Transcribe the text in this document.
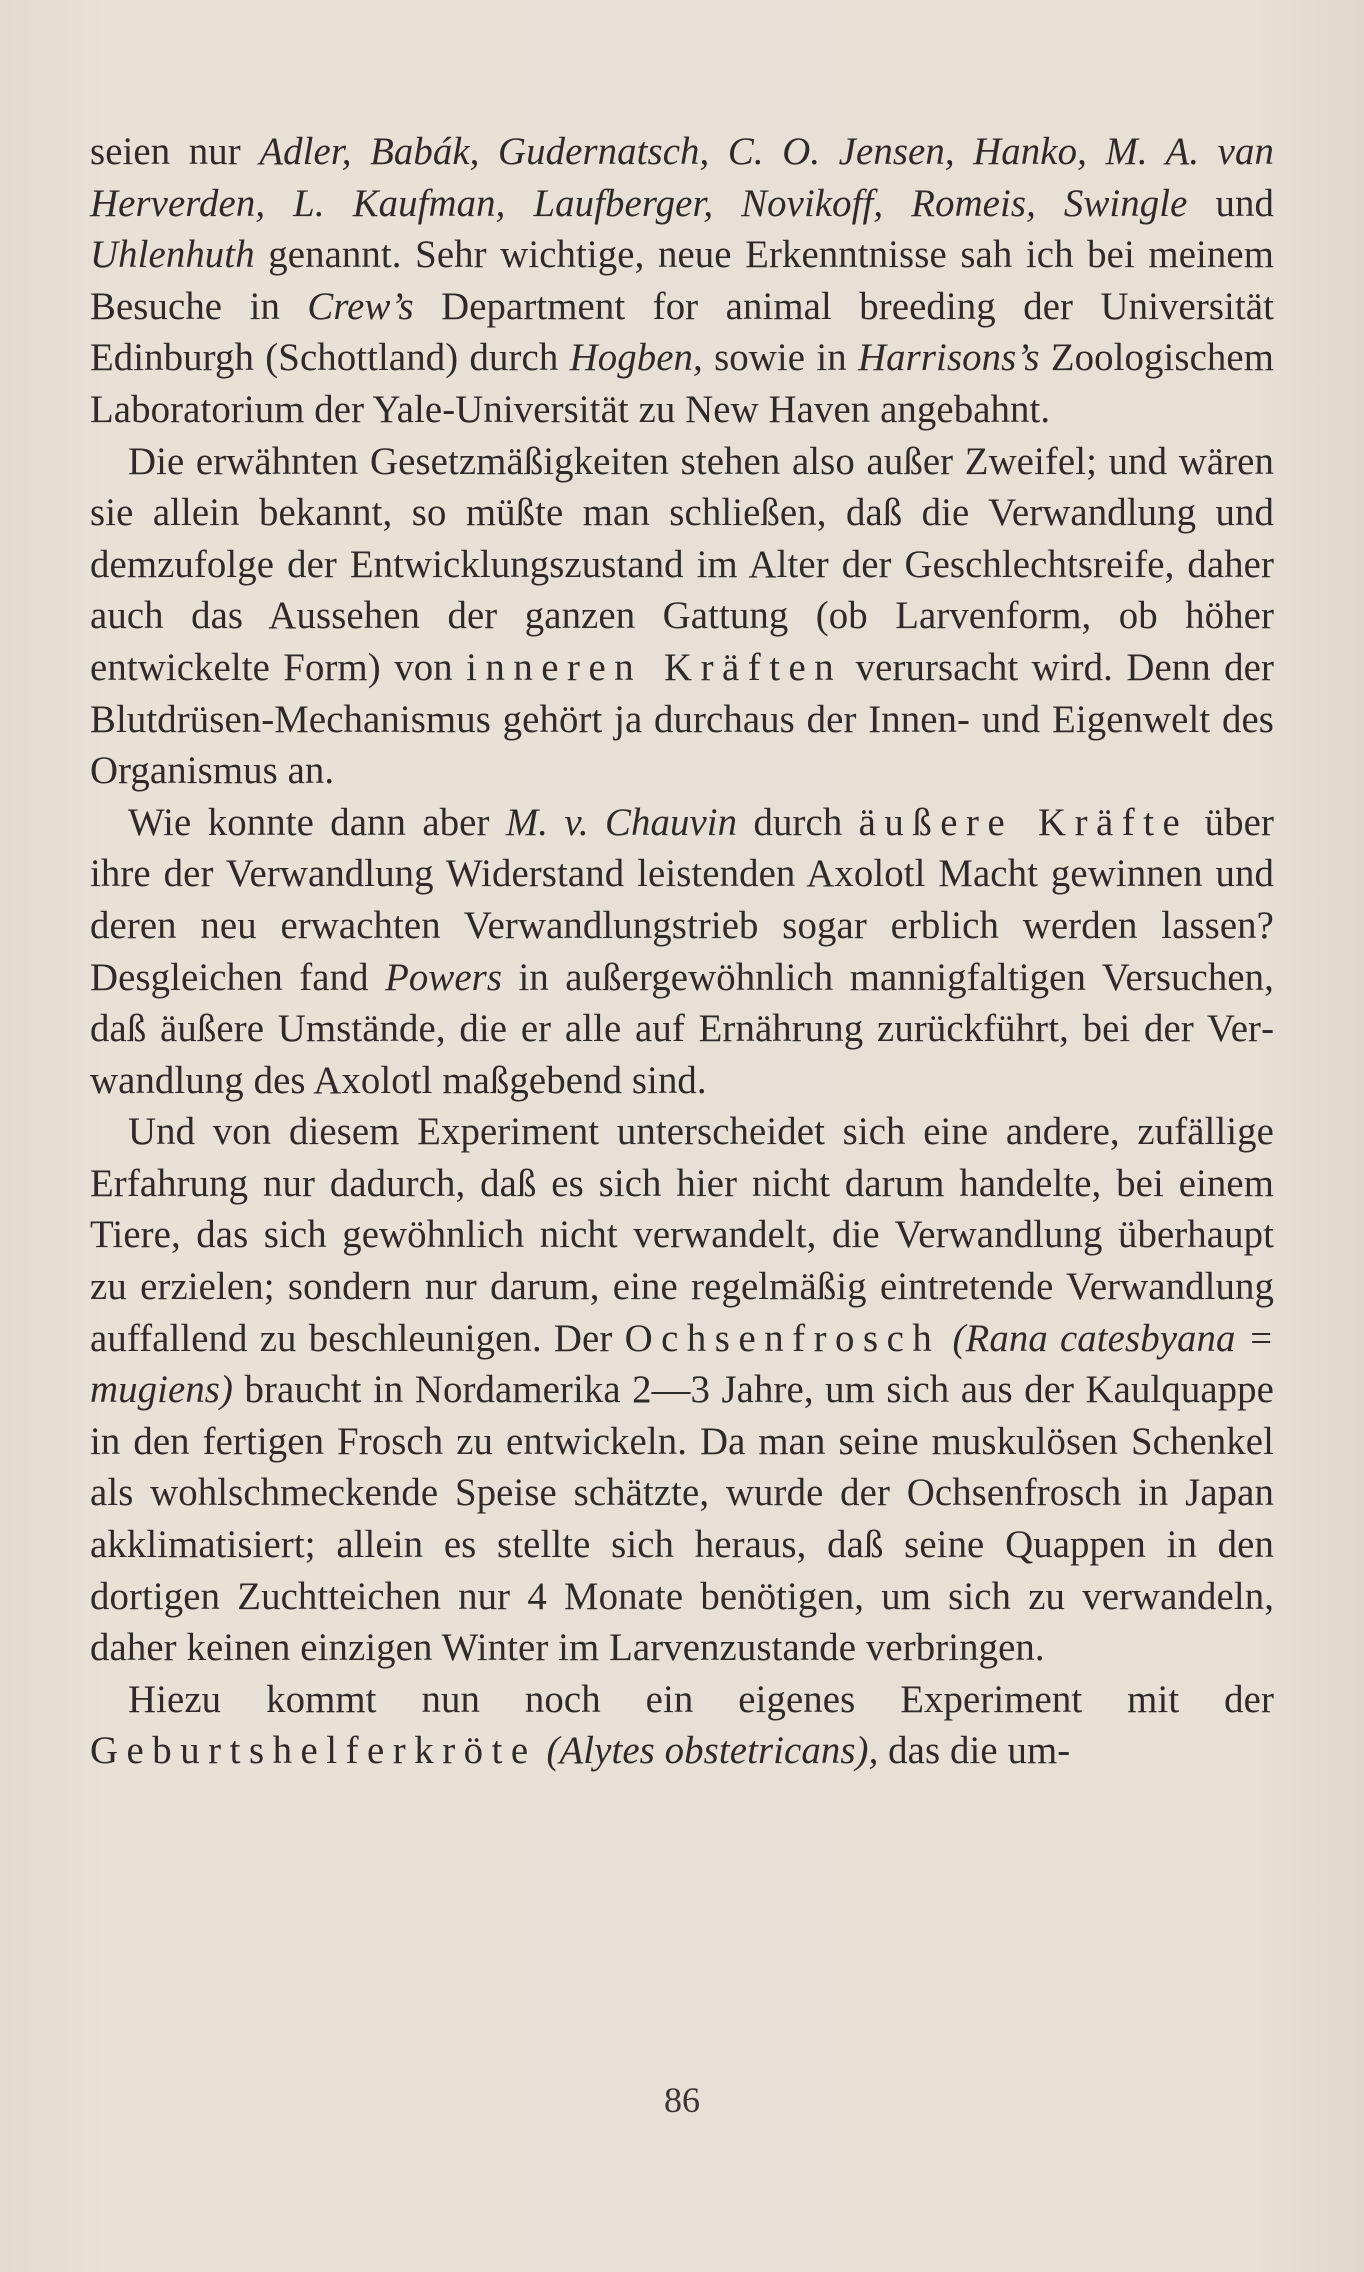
seien nur Adler, Babák, Gudernatsch, C. O. Jensen, Hanko, M. A. van Herverden, L. Kaufman, Laufberger, Novikoff, Romeis, Swingle und Uhlenhuth genannt. Sehr wichtige, neue Erkenntnisse sah ich bei meinem Besuche in Crew’s Department for animal breeding der Universität Edinburgh (Schottland) durch Hogben, sowie in Harrisons’s Zoologischem Laboratorium der Yale-Universität zu New Haven angebahnt.

Die erwähnten Gesetzmäßigkeiten stehen also außer Zweifel; und wären sie allein bekannt, so müßte man schließen, daß die Verwandlung und demzufolge der Entwicklungszustand im Alter der Geschlechtsreife, daher auch das Aussehen der ganzen Gattung (ob Larvenform, ob höher entwickelte Form) von inneren Kräften verursacht wird. Denn der Blutdrüsen-Mechanismus gehört ja durchaus der Innen- und Eigenwelt des Organismus an.

Wie konnte dann aber M. v. Chauvin durch äußere Kräfte über ihre der Verwandlung Widerstand leistenden Axolotl Macht gewinnen und deren neu erwachten Verwandlungstrieb sogar erblich werden lassen? Desgleichen fand Powers in außergewöhnlich mannigfaltigen Versuchen, daß äußere Umstände, die er alle auf Ernährung zurückführt, bei der Verwandlung des Axolotl maßgebend sind.

Und von diesem Experiment unterscheidet sich eine andere, zufällige Erfahrung nur dadurch, daß es sich hier nicht darum handelte, bei einem Tiere, das sich gewöhnlich nicht verwandelt, die Verwandlung überhaupt zu erzielen; sondern nur darum, eine regelmäßig eintretende Verwandlung auffallend zu beschleunigen. Der Ochsenfrosch (Rana catesbyana = mugiens) braucht in Nordamerika 2—3 Jahre, um sich aus der Kaulquappe in den fertigen Frosch zu entwickeln. Da man seine muskulösen Schenkel als wohlschmeckende Speise schätzte, wurde der Ochsenfrosch in Japan akklimatisiert; allein es stellte sich heraus, daß seine Quappen in den dortigen Zuchtteichen nur 4 Monate benötigen, um sich zu verwandeln, daher keinen einzigen Winter im Larvenzustande verbringen.

Hiezu kommt nun noch ein eigenes Experiment mit der Geburtshelferkröte (Alytes obstetricans), das die um-

86
